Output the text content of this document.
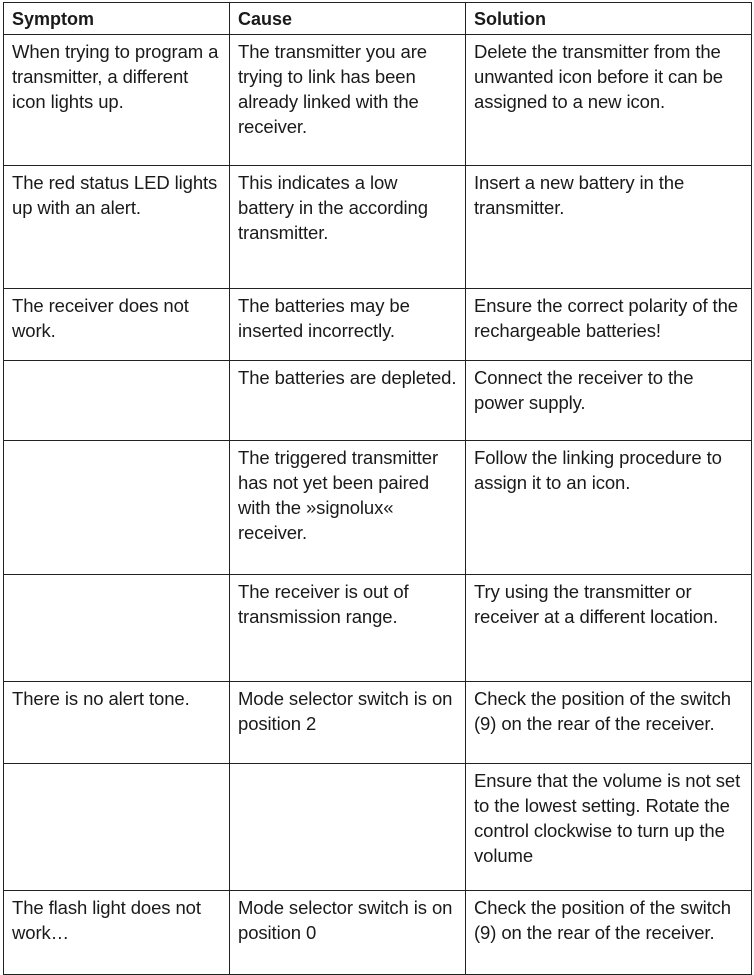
Symptom	Cause	Solution
When trying to program a transmitter, a different icon lights up.	The transmitter you are trying to link has been already linked with the receiver.	Delete the transmitter from the unwanted icon before it can be assigned to a new icon.
The red status LED lights up with an alert.	This indicates a low battery in the according transmitter.	Insert a new battery in the transmitter.
The receiver does not work.	The batteries may be inserted incorrectly.	Ensure the correct polarity of the rechargeable batteries!
	The batteries are depleted.	Connect the receiver to the power supply.
	The triggered transmitter has not yet been paired with the »signolux« receiver.	Follow the linking procedure to assign it to an icon.
	The receiver is out of transmission range.	Try using the transmitter or receiver at a different location.
There is no alert tone.	Mode selector switch is on position 2	Check the position of the switch (9) on the rear of the receiver.
		Ensure that the volume is not set to the lowest setting. Rotate the control clockwise to turn up the volume
The flash light does not work…	Mode selector switch is on position 0	Check the position of the switch (9) on the rear of the receiver.
